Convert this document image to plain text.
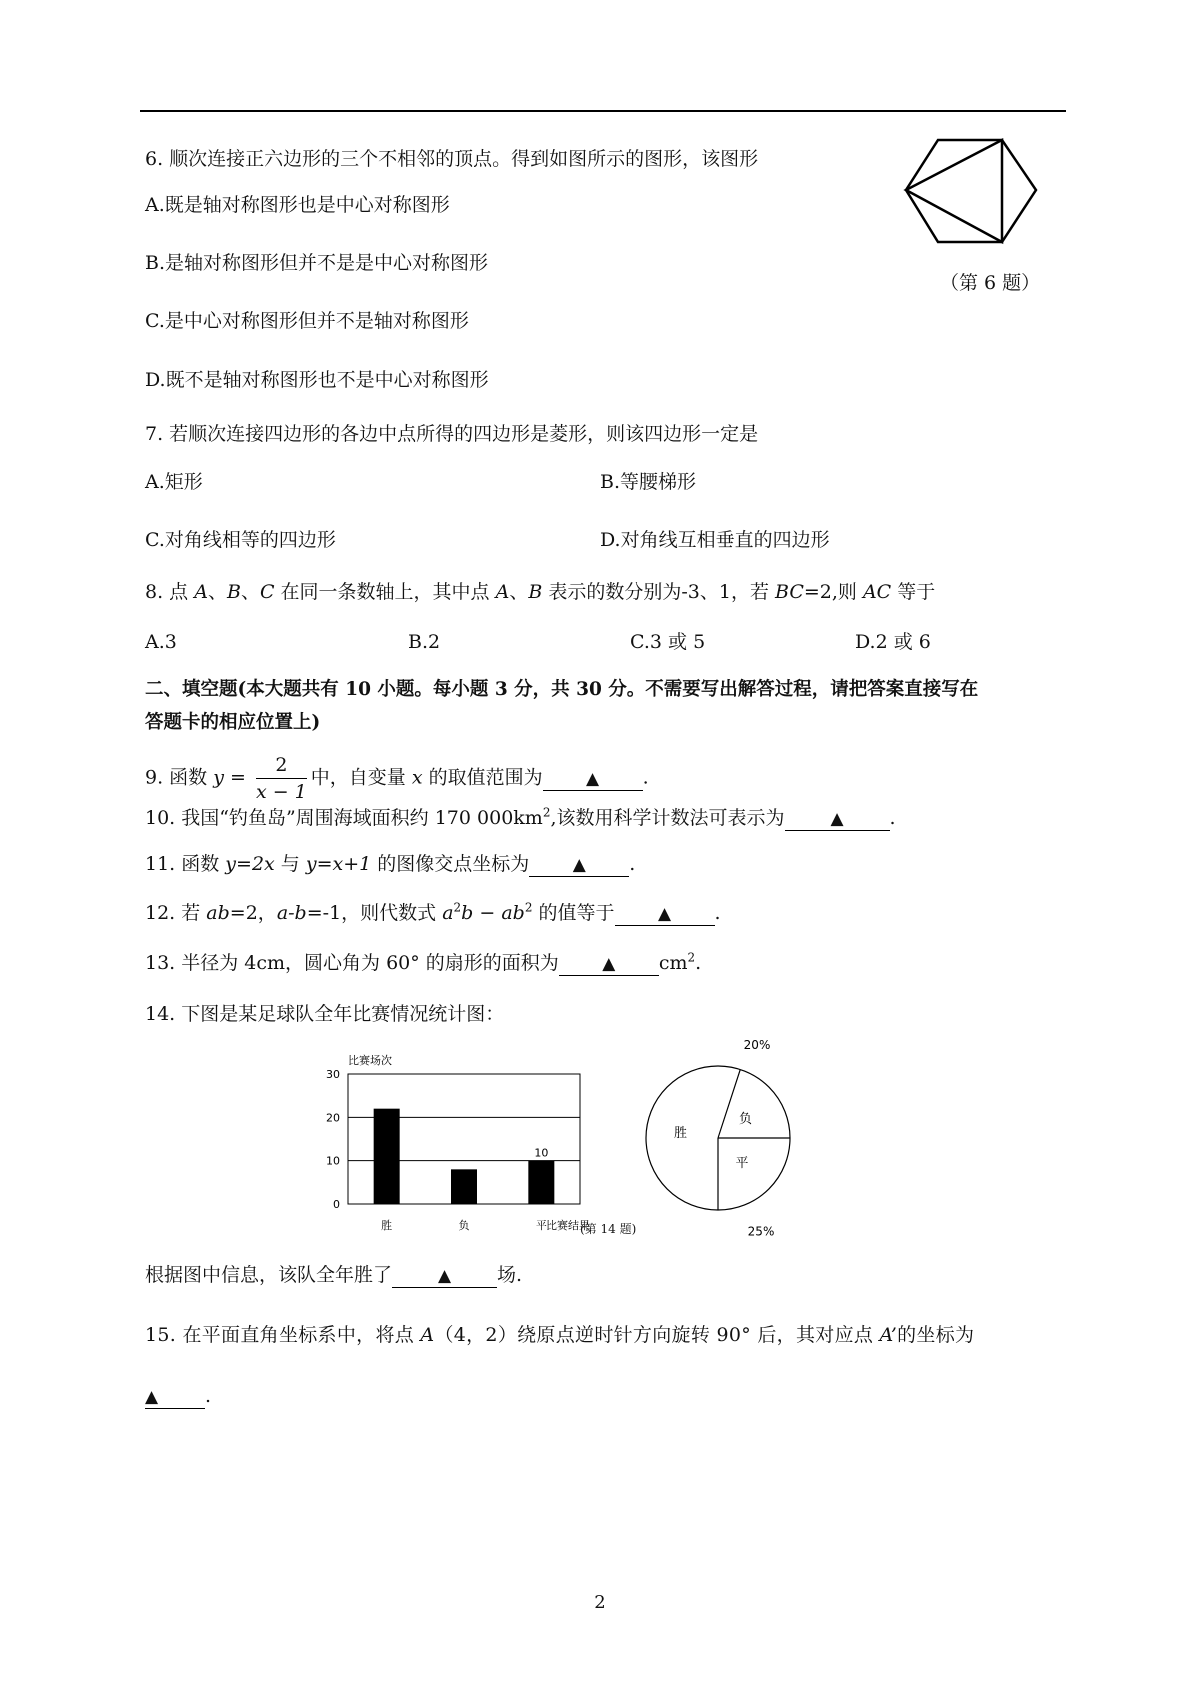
6. 顺次连接正六边形的三个不相邻的顶点。得到如图所示的图形，该图形
A.既是轴对称图形也是中心对称图形
B.是轴对称图形但并不是是中心对称图形
C.是中心对称图形但并不是轴对称图形
D.既不是轴对称图形也不是中心对称图形
（第 6 题）
7. 若顺次连接四边形的各边中点所得的四边形是菱形，则该四边形一定是
A.矩形	B.等腰梯形
C.对角线相等的四边形	D.对角线互相垂直的四边形
8. 点 A、B、C 在同一条数轴上，其中点 A、B 表示的数分别为-3、1，若 BC=2,则 AC 等于
A.3	B.2	C.3 或 5	D.2 或 6
二、填空题(本大题共有 10 小题。每小题 3 分，共 30 分。不需要写出解答过程，请把答案直接写在
答题卡的相应位置上)
9. 函数 $y = \frac{2}{x - 1}$ 中，自变量 x 的取值范围为	▲ .
10. 我国“钓鱼岛”周围海域面积约 170 $000km^2$,该数用科学计数法可表示为	▲ .
11. 函数 y=2x 与 y=x+1 的图像交点坐标为	▲ .
12. 若 ab=2，a-b=-1，则代数式 $a^2b - ab^2$ 的值等于	▲ .
13. 半径为 4cm，圆心角为 60° 的扇形的面积为	▲ $cm^2$.
14. 下图是某足球队全年比赛情况统计图：
比赛场次
比赛结果
0
10
20
30
胜	负	平
10
胜
负
20%
平
25%
(第 14 题)
根据图中信息，该队全年胜了	▲ 场.
15. 在平面直角坐标系中，将点 A（4，2）绕原点逆时针方向旋转 90° 后，其对应点 A’的坐标为
▲ .
2
